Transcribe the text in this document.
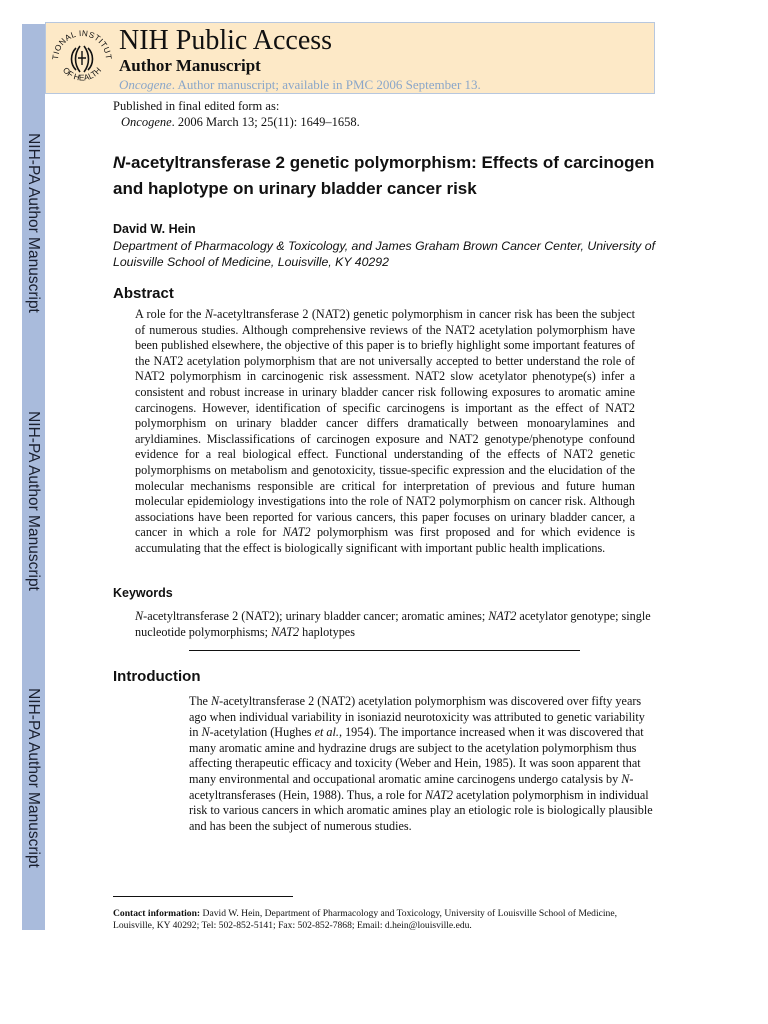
NIH-PA Author Manuscript
NIH-PA Author Manuscript
NIH-PA Author Manuscript
TIONAL INSTITUT
OF HEALTH
NIH Public Access
Author Manuscript
Oncogene. Author manuscript; available in PMC 2006 September 13.
Published in final edited form as:
Oncogene. 2006 March 13; 25(11): 1649–1658.
N-acetyltransferase 2 genetic polymorphism: Effects of carcinogen and haplotype on urinary bladder cancer risk
David W. Hein
Department of Pharmacology & Toxicology, and James Graham Brown Cancer Center, University of Louisville School of Medicine, Louisville, KY 40292
Abstract
A role for the N-acetyltransferase 2 (NAT2) genetic polymorphism in cancer risk has been the subject of numerous studies. Although comprehensive reviews of the NAT2 acetylation polymorphism have been published elsewhere, the objective of this paper is to briefly highlight some important features of the NAT2 acetylation polymorphism that are not universally accepted to better understand the role of NAT2 polymorphism in carcinogenic risk assessment. NAT2 slow acetylator phenotype(s) infer a consistent and robust increase in urinary bladder cancer risk following exposures to aromatic amine carcinogens. However, identification of specific carcinogens is important as the effect of NAT2 polymorphism on urinary bladder cancer differs dramatically between monoarylamines and aryldiamines. Misclassifications of carcinogen exposure and NAT2 genotype/phenotype confound evidence for a real biological effect. Functional understanding of the effects of NAT2 genetic polymorphisms on metabolism and genotoxicity, tissue-specific expression and the elucidation of the molecular mechanisms responsible are critical for interpretation of previous and future human molecular epidemiology investigations into the role of NAT2 polymorphism on cancer risk. Although associations have been reported for various cancers, this paper focuses on urinary bladder cancer, a cancer in which a role for NAT2 polymorphism was first proposed and for which evidence is accumulating that the effect is biologically significant with important public health implications.
Keywords
N-acetyltransferase 2 (NAT2); urinary bladder cancer; aromatic amines; NAT2 acetylator genotype; single nucleotide polymorphisms; NAT2 haplotypes
Introduction
The N-acetyltransferase 2 (NAT2) acetylation polymorphism was discovered over fifty years ago when individual variability in isoniazid neurotoxicity was attributed to genetic variability in N-acetylation (Hughes et al., 1954). The importance increased when it was discovered that many aromatic amine and hydrazine drugs are subject to the acetylation polymorphism thus affecting therapeutic efficacy and toxicity (Weber and Hein, 1985). It was soon apparent that many environmental and occupational aromatic amine carcinogens undergo catalysis by N-acetyltransferases (Hein, 1988). Thus, a role for NAT2 acetylation polymorphism in individual risk to various cancers in which aromatic amines play an etiologic role is biologically plausible and has been the subject of numerous studies.
Contact information: David W. Hein, Department of Pharmacology and Toxicology, University of Louisville School of Medicine, Louisville, KY 40292; Tel: 502-852-5141; Fax: 502-852-7868; Email: d.hein@louisville.edu.
